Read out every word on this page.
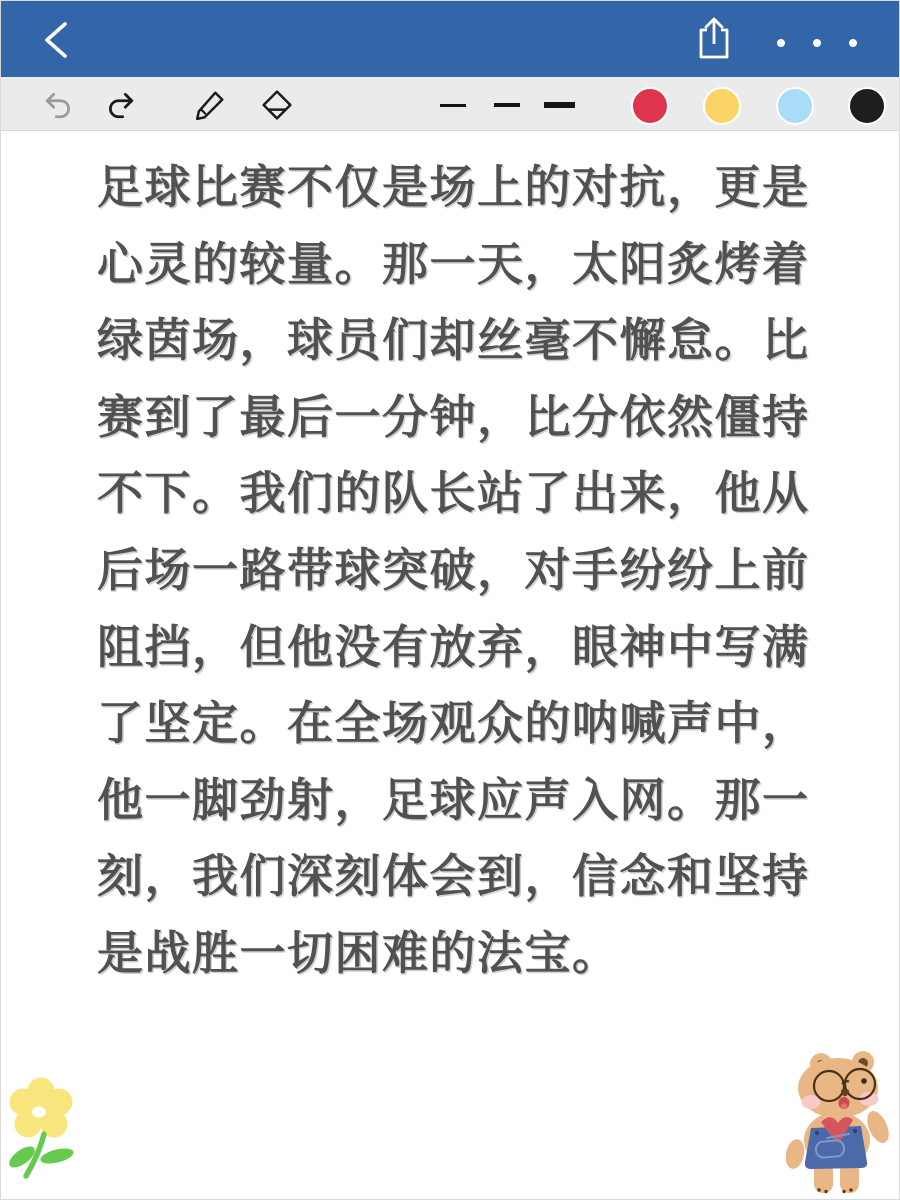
足球比赛不仅是场上的对抗，更是
心灵的较量。那一天，太阳炙烤着
绿茵场，球员们却丝毫不懈怠。比
赛到了最后一分钟，比分依然僵持
不下。我们的队长站了出来，他从
后场一路带球突破，对手纷纷上前
阻挡，但他没有放弃，眼神中写满
了坚定。在全场观众的呐喊声中，
他一脚劲射，足球应声入网。那一
刻，我们深刻体会到，信念和坚持
是战胜一切困难的法宝。
